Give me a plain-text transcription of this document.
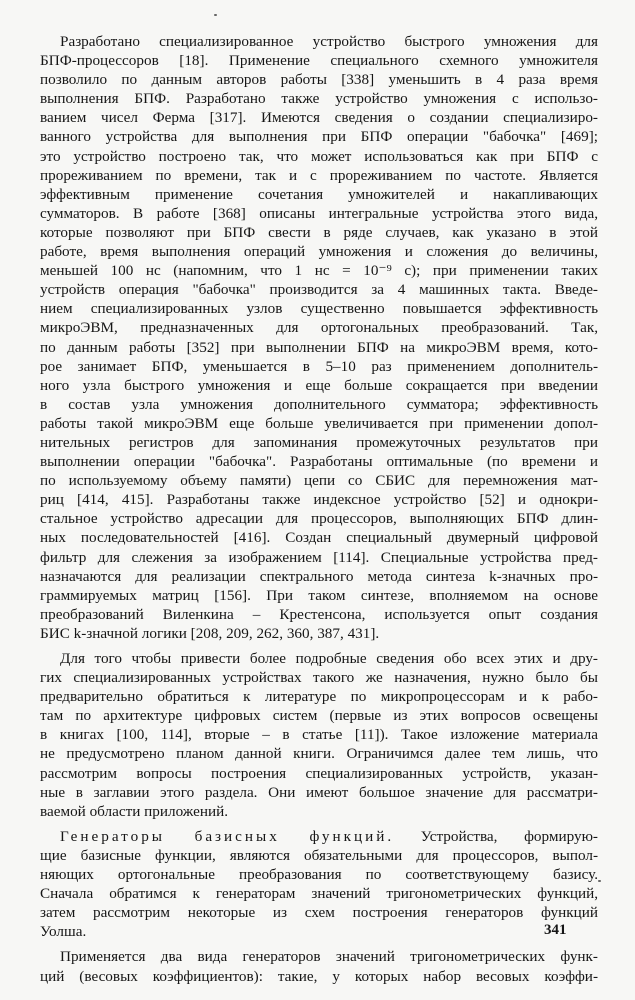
Разработано специализированное устройство быстрого умножения для
БПФ-процессоров [18]. Применение специального схемного умножителя
позволило по данным авторов работы [338] уменьшить в 4 раза время
выполнения БПФ. Разработано также устройство умножения с использо-
ванием чисел Ферма [317]. Имеются сведения о создании специализиро-
ванного устройства для выполнения при БПФ операции "бабочка" [469];
это устройство построено так, что может использоваться как при БПФ с
прореживанием по времени, так и с прореживанием по частоте. Является
эффективным применение сочетания умножителей и накапливающих
сумматоров. В работе [368] описаны интегральные устройства этого вида,
которые позволяют при БПФ свести в ряде случаев, как указано в этой
работе, время выполнения операций умножения и сложения до величины,
меньшей 100 нс (напомним, что 1 нс = 10⁻⁹ с); при применении таких
устройств операция "бабочка" производится за 4 машинных такта. Введе-
нием специализированных узлов существенно повышается эффективность
микроЭВМ, предназначенных для ортогональных преобразований. Так,
по данным работы [352] при выполнении БПФ на микроЭВМ время, кото-
рое занимает БПФ, уменьшается в 5–10 раз применением дополнитель-
ного узла быстрого умножения и еще больше сокращается при введении
в состав узла умножения дополнительного сумматора; эффективность
работы такой микроЭВМ еще больше увеличивается при применении допол-
нительных регистров для запоминания промежуточных результатов при
выполнении операции "бабочка". Разработаны оптимальные (по времени и
по используемому объему памяти) цепи со СБИС для перемножения мат-
риц [414, 415]. Разработаны также индексное устройство [52] и однокри-
стальное устройство адресации для процессоров, выполняющих БПФ длин-
ных последовательностей [416]. Создан специальный двумерный цифровой
фильтр для слежения за изображением [114]. Специальные устройства пред-
назначаются для реализации спектрального метода синтеза k-значных про-
граммируемых матриц [156]. При таком синтезе, вполняемом на основе
преобразований Виленкина – Крестенсона, используется опыт создания
БИС k-значной логики [208, 209, 262, 360, 387, 431].
Для того чтобы привести более подробные сведения обо всех этих и дру-
гих специализированных устройствах такого же назначения, нужно было бы
предварительно обратиться к литературе по микропроцессорам и к рабо-
там по архитектуре цифровых систем (первые из этих вопросов освещены
в книгах [100, 114], вторые – в статье [11]). Такое изложение материала
не предусмотрено планом данной книги. Ограничимся далее тем лишь, что
рассмотрим вопросы построения специализированных устройств, указан-
ные в заглавии этого раздела. Они имеют большое значение для рассматри-
ваемой области приложений.
Генераторы базисных функций. Устройства, формирую-
щие базисные функции, являются обязательными для процессоров, выпол-
няющих ортогональные преобразования по соответствующему базису.
Сначала обратимся к генераторам значений тригонометрических функций,
затем рассмотрим некоторые из схем построения генераторов функций
Уолша.
Применяется два вида генераторов значений тригонометрических функ-
ций (весовых коэффициентов): такие, у которых набор весовых коэффи-
341
